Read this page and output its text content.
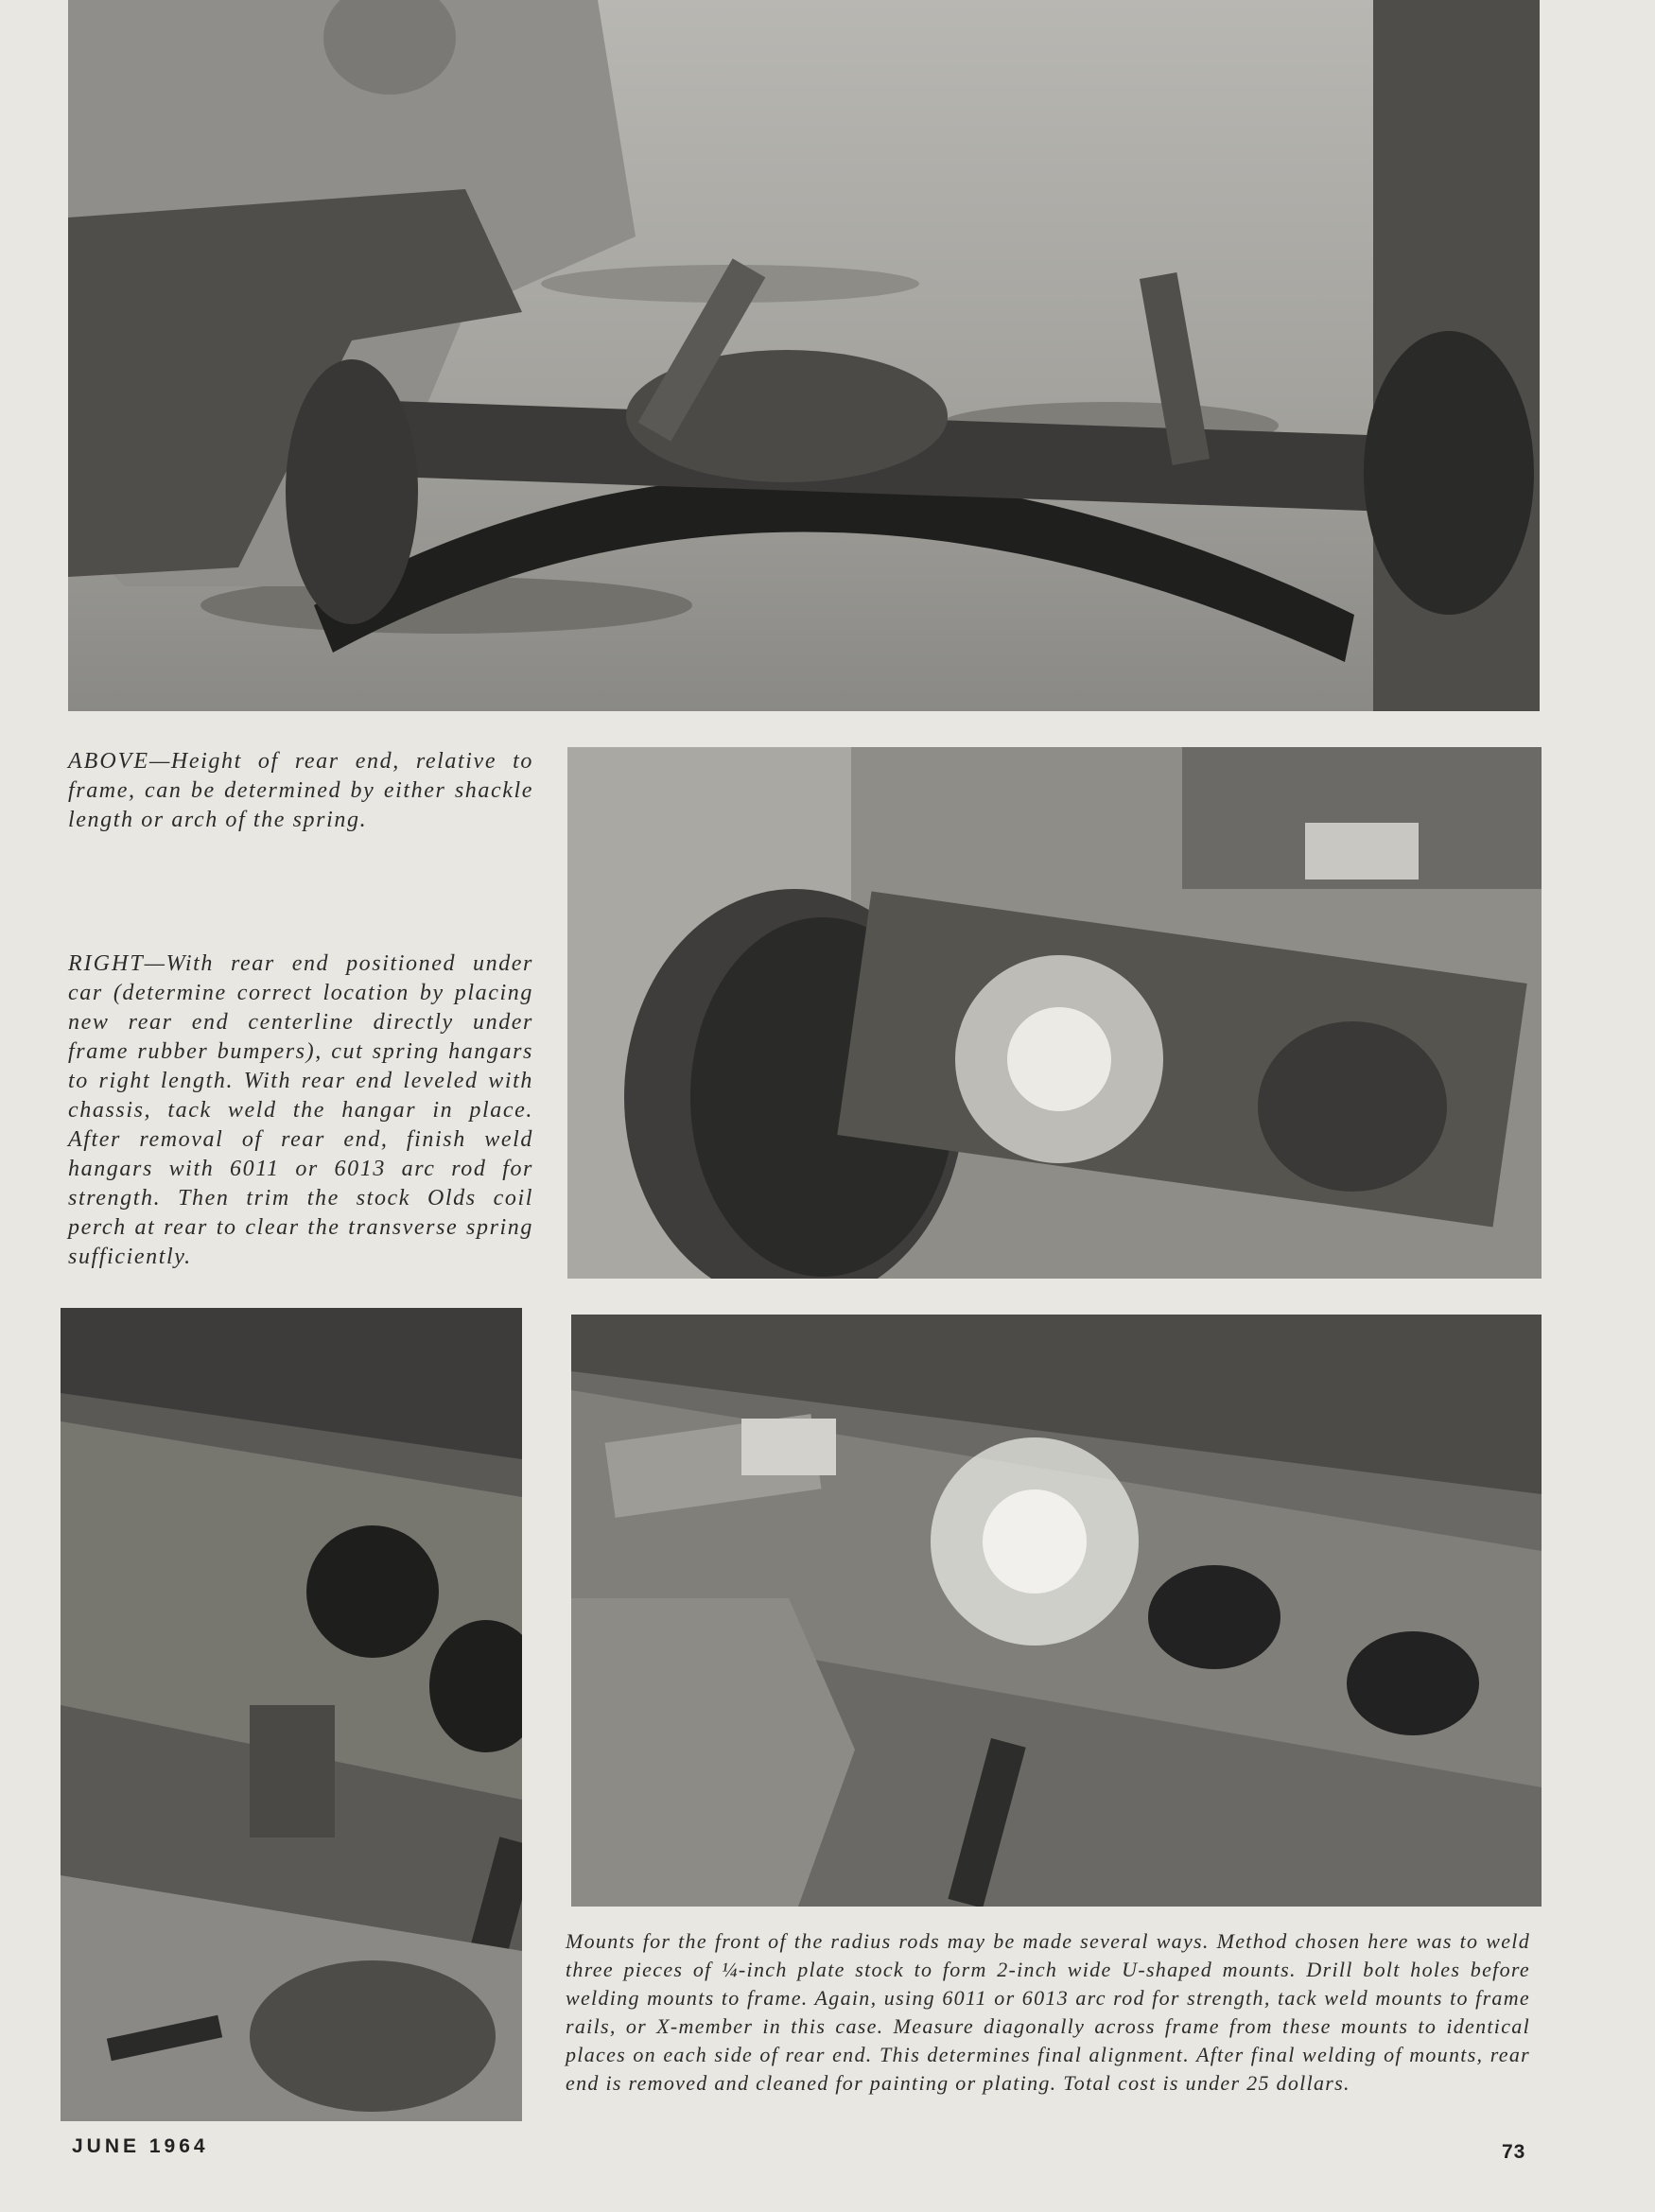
ABOVE—Height of rear end, relative to frame, can be determined by either shackle length or arch of the spring.
RIGHT—With rear end positioned under car (determine correct location by placing new rear end centerline directly under frame rubber bumpers), cut spring hangars to right length. With rear end leveled with chassis, tack weld the hangar in place. After removal of rear end, finish weld hangars with 6011 or 6013 arc rod for strength. Then trim the stock Olds coil perch at rear to clear the transverse spring sufficiently.
Mounts for the front of the radius rods may be made several ways. Method chosen here was to weld three pieces of ¼-inch plate stock to form 2-inch wide U-shaped mounts. Drill bolt holes before welding mounts to frame. Again, using 6011 or 6013 arc rod for strength, tack weld mounts to frame rails, or X-member in this case. Measure diagonally across frame from these mounts to identical places on each side of rear end. This determines final alignment. After final welding of mounts, rear end is removed and cleaned for painting or plating. Total cost is under 25 dollars.
JUNE 1964	73
